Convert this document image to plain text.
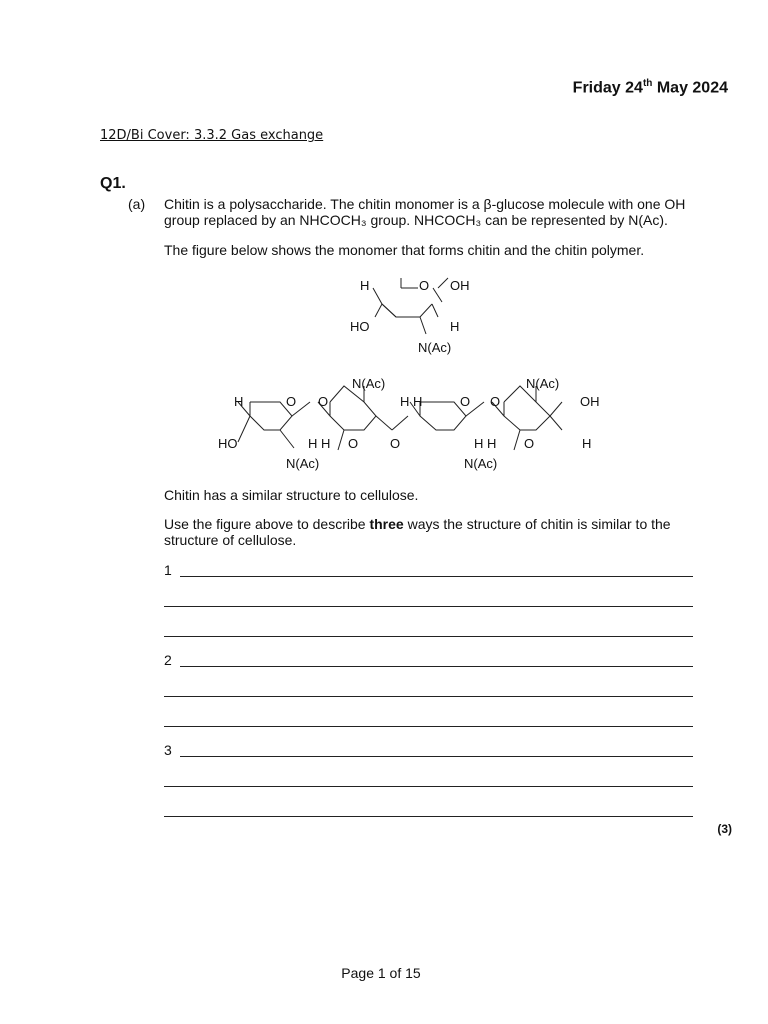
Friday 24th May 2024
12D/Bi Cover: 3.3.2 Gas exchange
Q1.
(a) Chitin is a polysaccharide. The chitin monomer is a β-glucose molecule with one OH group replaced by an NHCOCH₃ group. NHCOCH₃ can be represented by N(Ac).
The figure below shows the monomer that forms chitin and the chitin polymer.
H	O OH
HO	H
N(Ac)
N(Ac)	N(Ac)
H	O O	H H	O O	OH
HO	H H O O	H H O	H
N(Ac)	N(Ac)
Chitin has a similar structure to cellulose.
Use the figure above to describe three ways the structure of chitin is similar to the structure of cellulose.
1
2
3
(3)
Page 1 of 15
